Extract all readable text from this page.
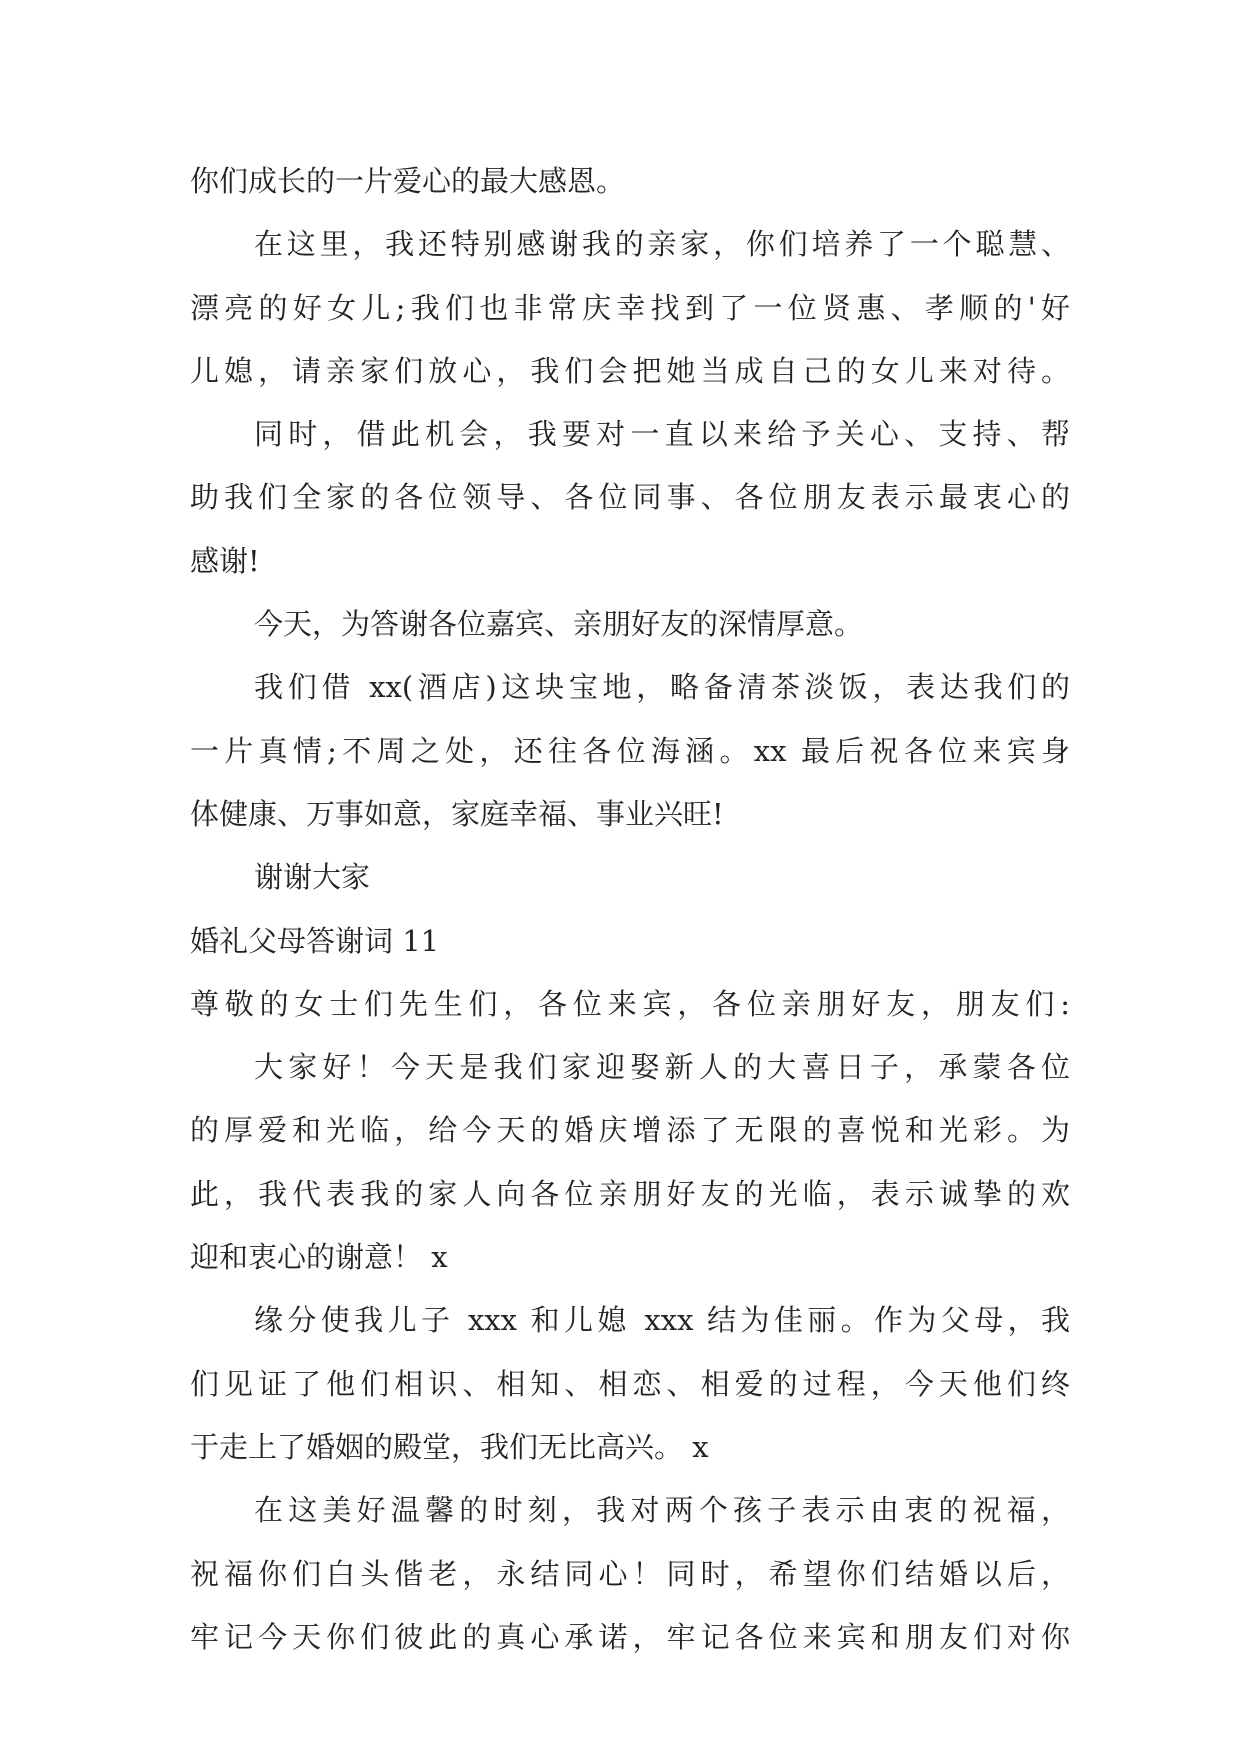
你们成长的一片爱心的最大感恩。
在这里，我还特别感谢我的亲家，你们培养了一个聪慧、
漂亮的好女儿;我们也非常庆幸找到了一位贤惠、孝顺的'好
儿媳，请亲家们放心，我们会把她当成自己的女儿来对待。
同时，借此机会，我要对一直以来给予关心、支持、帮
助我们全家的各位领导、各位同事、各位朋友表示最衷心的
感谢!
今天，为答谢各位嘉宾、亲朋好友的深情厚意。
我们借 xx(酒店)这块宝地，略备清茶淡饭，表达我们的
一片真情;不周之处，还往各位海涵。xx 最后祝各位来宾身
体健康、万事如意，家庭幸福、事业兴旺!
谢谢大家
婚礼父母答谢词 11
尊敬的女士们先生们，各位来宾，各位亲朋好友，朋友们:
大家好！今天是我们家迎娶新人的大喜日子，承蒙各位
的厚爱和光临，给今天的婚庆增添了无限的喜悦和光彩。为
此，我代表我的家人向各位亲朋好友的光临，表示诚挚的欢
迎和衷心的谢意！ x
缘分使我儿子 xxx 和儿媳 xxx 结为佳丽。作为父母，我
们见证了他们相识、相知、相恋、相爱的过程，今天他们终
于走上了婚姻的殿堂，我们无比高兴。 x
在这美好温馨的时刻，我对两个孩子表示由衷的祝福，
祝福你们白头偕老，永结同心！同时，希望你们结婚以后，
牢记今天你们彼此的真心承诺，牢记各位来宾和朋友们对你
